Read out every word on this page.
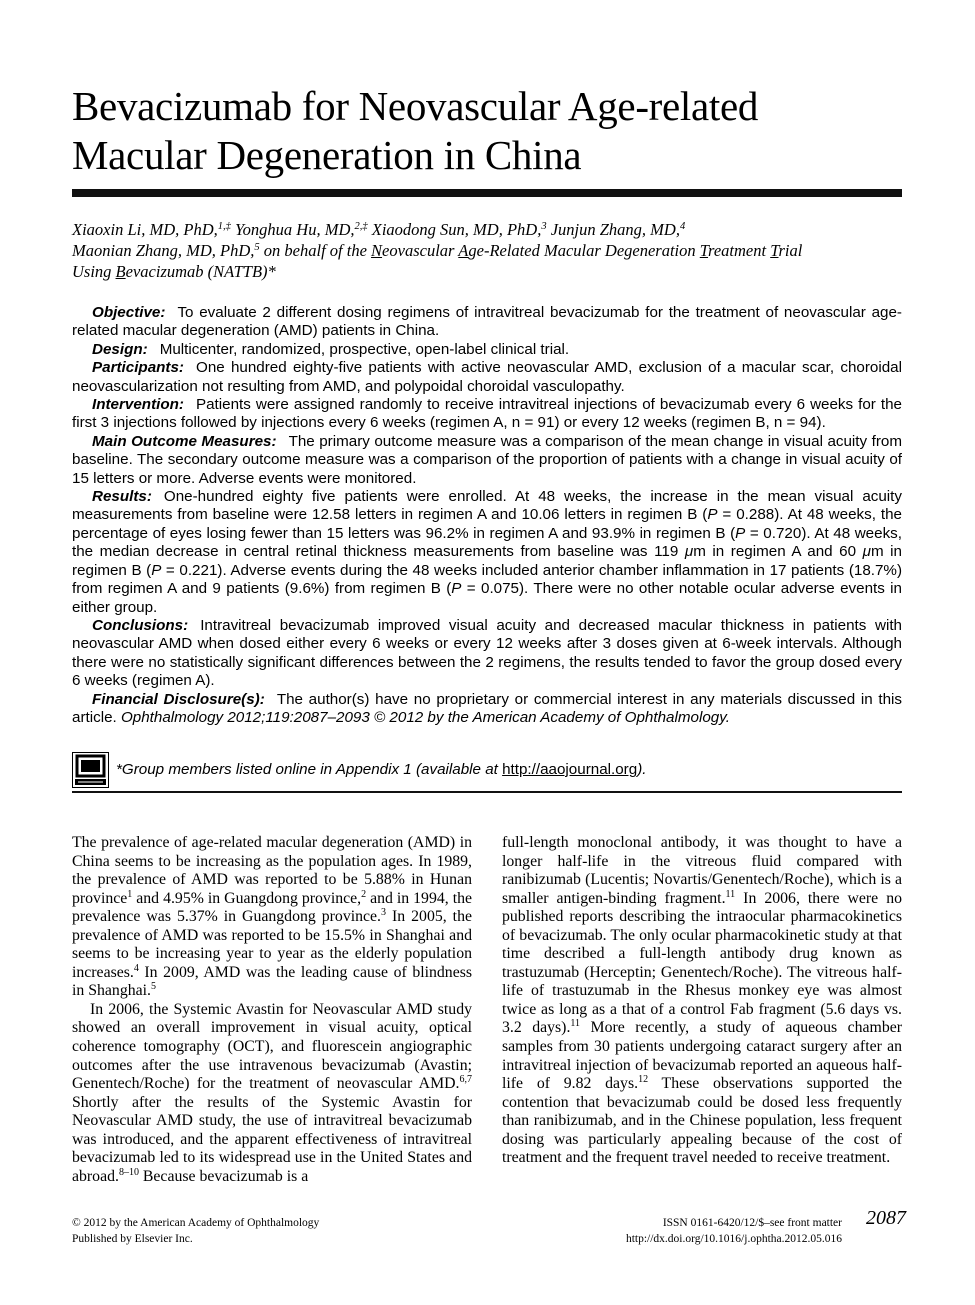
Bevacizumab for Neovascular Age-related
Macular Degeneration in China
Xiaoxin Li, MD, PhD,$^{1,\ddagger}$ Yonghua Hu, MD,$^{2,\ddagger}$ Xiaodong Sun, MD, PhD,$^3$ Junjun Zhang, MD,$^4$
Maonian Zhang, MD, PhD,$^5$ on behalf of the Neovascular Age-Related Macular Degeneration Treatment Trial
Using Bevacizumab (NATTB)*

Objective: To evaluate 2 different dosing regimens of intravitreal bevacizumab for the treatment of neovascular age-related macular degeneration (AMD) patients in China.

Design: Multicenter, randomized, prospective, open-label clinical trial.

Participants: One hundred eighty-five patients with active neovascular AMD, exclusion of a macular scar, choroidal neovascularization not resulting from AMD, and polypoidal choroidal vasculopathy.

Intervention: Patients were assigned randomly to receive intravitreal injections of bevacizumab every 6 weeks for the first 3 injections followed by injections every 6 weeks (regimen A, n = 91) or every 12 weeks (regimen B, n = 94).

Main Outcome Measures: The primary outcome measure was a comparison of the mean change in visual acuity from baseline. The secondary outcome measure was a comparison of the proportion of patients with a change in visual acuity of 15 letters or more. Adverse events were monitored.

Results: One-hundred eighty five patients were enrolled. At 48 weeks, the increase in the mean visual acuity measurements from baseline were 12.58 letters in regimen A and 10.06 letters in regimen B (P = 0.288). At 48 weeks, the percentage of eyes losing fewer than 15 letters was 96.2% in regimen A and 93.9% in regimen B (P = 0.720). At 48 weeks, the median decrease in central retinal thickness measurements from baseline was 119 μm in regimen A and 60 μm in regimen B (P = 0.221). Adverse events during the 48 weeks included anterior chamber inflammation in 17 patients (18.7%) from regimen A and 9 patients (9.6%) from regimen B (P = 0.075). There were no other notable ocular adverse events in either group.

Conclusions: Intravitreal bevacizumab improved visual acuity and decreased macular thickness in patients with neovascular AMD when dosed either every 6 weeks or every 12 weeks after 3 doses given at 6-week intervals. Although there were no statistically significant differences between the 2 regimens, the results tended to favor the group dosed every 6 weeks (regimen A).

Financial Disclosure(s): The author(s) have no proprietary or commercial interest in any materials discussed in this article. Ophthalmology 2012;119:2087–2093 © 2012 by the American Academy of Ophthalmology.

*Group members listed online in Appendix 1 (available at http://aaojournal.org).

The prevalence of age-related macular degeneration (AMD) in China seems to be increasing as the population ages. In 1989, the prevalence of AMD was reported to be 5.88% in Hunan province$^1$ and 4.95% in Guangdong province,$^2$ and in 1994, the prevalence was 5.37% in Guangdong province.$^3$ In 2005, the prevalence of AMD was reported to be 15.5% in Shanghai and seems to be increasing year to year as the elderly population increases.$^4$ In 2009, AMD was the leading cause of blindness in Shanghai.$^5$

In 2006, the Systemic Avastin for Neovascular AMD study showed an overall improvement in visual acuity, optical coherence tomography (OCT), and fluorescein angiographic outcomes after the use intravenous bevacizumab (Avastin; Genentech/Roche) for the treatment of neovascular AMD.$^{6,7}$ Shortly after the results of the Systemic Avastin for Neovascular AMD study, the use of intravitreal bevacizumab was introduced, and the apparent effectiveness of intravitreal bevacizumab led to its widespread use in the United States and abroad.$^{8-10}$ Because bevacizumab is a

full-length monoclonal antibody, it was thought to have a longer half-life in the vitreous fluid compared with ranibizumab (Lucentis; Novartis/Genentech/Roche), which is a smaller antigen-binding fragment.$^{11}$ In 2006, there were no published reports describing the intraocular pharmacokinetics of bevacizumab. The only ocular pharmacokinetic study at that time described a full-length antibody drug known as trastuzumab (Herceptin; Genentech/Roche). The vitreous half-life of trastuzumab in the Rhesus monkey eye was almost twice as long as a that of a control Fab fragment (5.6 days vs. 3.2 days).$^{11}$ More recently, a study of aqueous chamber samples from 30 patients undergoing cataract surgery after an intravitreal injection of bevacizumab reported an aqueous half-life of 9.82 days.$^{12}$ These observations supported the contention that bevacizumab could be dosed less frequently than ranibizumab, and in the Chinese population, less frequent dosing was particularly appealing because of the cost of treatment and the frequent travel needed to receive treatment.

© 2012 by the American Academy of Ophthalmology
Published by Elsevier Inc.
ISSN 0161-6420/12/$–see front matter
http://dx.doi.org/10.1016/j.ophtha.2012.05.016
2087
